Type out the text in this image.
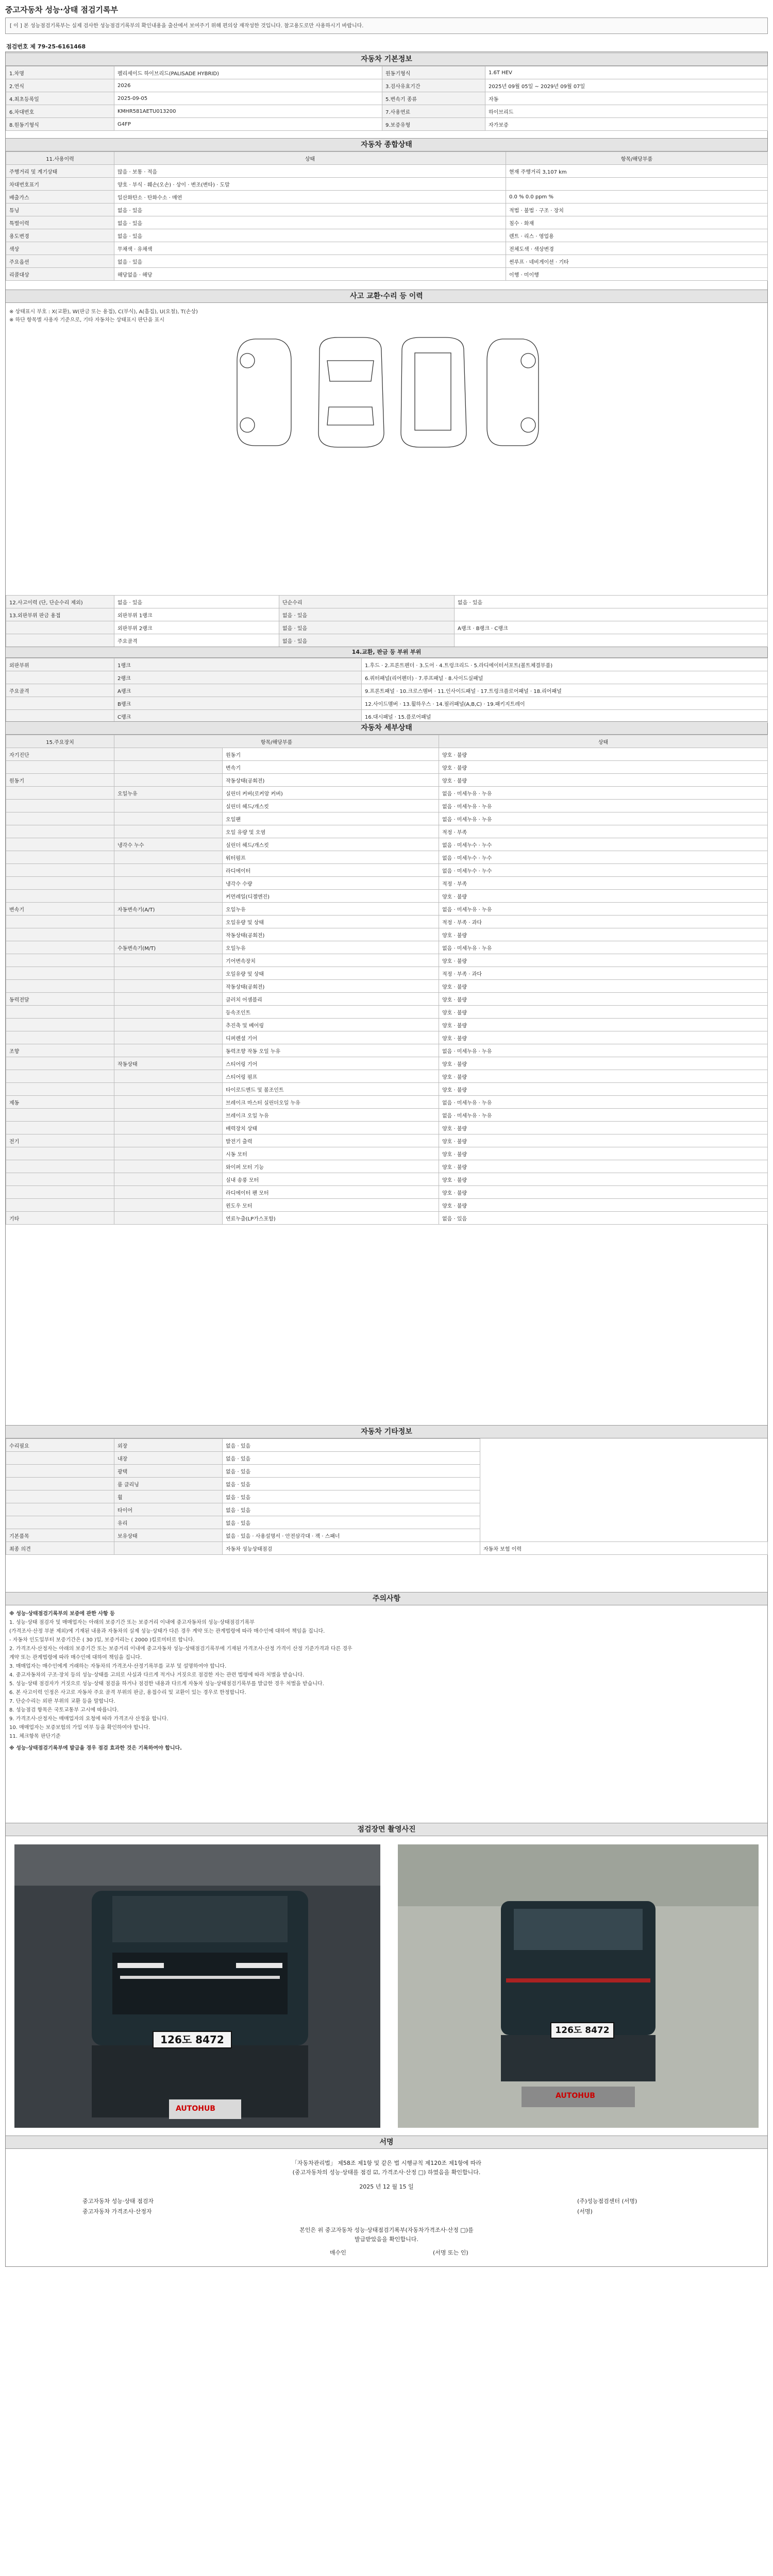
중고자동차 성능·상태 점검기록부
[ 이 ] 본 성능점검기록부는 실제 검사한 성능점검기록부의 확인내용을 출산에서 보여주기 위해 편의상 재작성한 것입니다. 참고용도로만 사용하시기 바랍니다.
점검번호 제 79-25-6161468
자동차 기본정보
1.차명	펠리세이드 하이브리드(PALISADE HYBRID)	원동기형식	1.6T HEV
2.연식	2026	3.검사유효기간	2025년 09월 05일 ~ 2029년 09월 07일
4.최초등록일	2025-09-05	5.변속기 종류	자동
6.차대번호	KMHR581AETU013200	7.사용연료	하이브리드
8.원동기형식	G4FP	9.보증유형	자가보증
자동차 종합상태
11.사용이력	상태	항목/해당부품
주행거리 및 계기상태	많음 · 보통 · 적음	현재 주행거리 3,107 km
차대번호표기	양호 · 부식 · 훼손(오손) · 상이 · 변조(변타) · 도말	
배출가스	일산화탄소 · 탄화수소 · 매연	0.0 % 0.0 ppm %
튜닝	없음 · 있음	적법 · 불법 · 구조 · 장치
특별이력	없음 · 있음	침수 · 화재
용도변경	없음 · 있음	렌트 · 리스 · 영업용
색상	무채색 · 유채색	전체도색 · 색상변경
주요옵션	없음 · 있음	썬루프 · 네비게이션 · 기타
리콜대상	해당없음 · 해당	이행 · 미이행
사고 교환·수리 등 이력
※ 상태표시 부호 : X(교환), W(판금 또는 용접), C(부식), A(흠집), U(요철), T(손상)
※ 하단 항목별 사용자 기준으로, 기타 자동차는 상태표시 판단을 표시
12.사고이력 (단, 단순수리 제외)	없음 · 있음	단순수리	없음 · 있음
13.외판부위 판금 용접	외판부위 1랭크	없음 · 있음	
	외판부위 2랭크	없음 · 있음	A랭크 · B랭크 · C랭크
	주요골격	없음 · 있음	
14.교환, 판금 등 부위 부위
외판부위	1랭크	1.후드 · 2.프론트펜더 · 3.도어 · 4.트렁크리드 · 5.라디에이터서포트(볼트체결부품)
	2랭크	6.쿼터패널(리어펜더) · 7.루프패널 · 8.사이드실패널
주요골격	A랭크	9.프론트패널 · 10.크로스멤버 · 11.인사이드패널 · 17.트렁크플로어패널 · 18.리어패널
	B랭크	12.사이드멤버 · 13.휠하우스 · 14.필러패널(A,B,C) · 19.패키지트레이
	C랭크	16.대시패널 · 15.플로어패널
자동차 세부상태
15.주요장치	항목/해당부품		상태
자기진단		원동기	양호 · 불량
		변속기	양호 · 불량
원동기		작동상태(공회전)	양호 · 불량
	오일누유	실린더 커버(로커암 커버)	없음 · 미세누유 · 누유
		실린더 헤드/개스킷	없음 · 미세누유 · 누유
		오일팬	없음 · 미세누유 · 누유
		오일 유량 및 오염	적정 · 부족
	냉각수 누수	실린더 헤드/개스킷	없음 · 미세누수 · 누수
		워터펌프	없음 · 미세누수 · 누수
		라디에이터	없음 · 미세누수 · 누수
		냉각수 수량	적정 · 부족
		커먼레일(디젤엔진)	양호 · 불량
변속기	자동변속기(A/T)	오일누유	없음 · 미세누유 · 누유
		오일유량 및 상태	적정 · 부족 · 과다
		작동상태(공회전)	양호 · 불량
	수동변속기(M/T)	오일누유	없음 · 미세누유 · 누유
		기어변속장치	양호 · 불량
		오일유량 및 상태	적정 · 부족 · 과다
		작동상태(공회전)	양호 · 불량
동력전달		클러치 어셈블리	양호 · 불량
		등속조인트	양호 · 불량
		추진축 및 베어링	양호 · 불량
		디퍼렌셜 기어	양호 · 불량
조향		동력조향 작동 오일 누유	없음 · 미세누유 · 누유
	작동상태	스티어링 기어	양호 · 불량
		스티어링 펌프	양호 · 불량
		타이로드엔드 및 볼조인트	양호 · 불량
제동		브레이크 마스터 실린더오일 누유	없음 · 미세누유 · 누유
		브레이크 오일 누유	없음 · 미세누유 · 누유
		배력장치 상태	양호 · 불량
전기		발전기 출력	양호 · 불량
		시동 모터	양호 · 불량
		와이퍼 모터 기능	양호 · 불량
		실내 송풍 모터	양호 · 불량
		라디에이터 팬 모터	양호 · 불량
		윈도우 모터	양호 · 불량
기타		연료누출(LP가스포함)	없음 · 있음
자동차 기타정보
수리필요	외장	없음 · 있음	
	내장	없음 · 있음	
	광택	없음 · 있음	
	룸 클리닝	없음 · 있음	
	휠	없음 · 있음	
	타이어	없음 · 있음	
	유리	없음 · 있음	
기본품목	보유상태	없음 · 있음 · 사용설명서 · 안전삼각대 · 잭 · 스패너	
최종 의견		자동차 성능상태점검	자동차 보험 이력
주의사항
※ 성능·상태점검기록부의 보증에 관한 사항 등
1. 성능·상태 점검자 및 매매업자는 아래의 보증기간 또는 보증거리 이내에 중고자동차의 성능·상태점검기록부
(가격조사·산정 부분 제외)에 기재된 내용과 자동차의 실제 성능·상태가 다른 경우 계약 또는 관계법령에 따라 매수인에 대하여 책임을 집니다.
- 자동차 인도일부터 보증기간은 ( 30 )일, 보증거리는 ( 2000 )킬로미터로 합니다.
2. 가격조사·산정자는 아래의 보증기간 또는 보증거리 이내에 중고자동차 성능·상태점검기록부에 기재된 가격조사·산정 가격이 산정 기준가격과 다른 경우
계약 또는 관계법령에 따라 매수인에 대하여 책임을 집니다.
3. 매매업자는 매수인에게 거래하는 자동차의 가격조사·산정기록부를 교부 및 설명하여야 합니다.
4. 중고자동차의 구조·장치 등의 성능·상태를 고의로 사실과 다르게 적거나 거짓으로 점검한 자는 관련 법령에 따라 처벌을 받습니다.
5. 성능·상태 점검자가 거짓으로 성능·상태 점검을 하거나 점검한 내용과 다르게 자동차 성능·상태점검기록부를 발급한 경우 처벌을 받습니다.
6. 본 사고이력 인정은 사고로 자동차 주요 골격 부위의 판금, 용접수리 및 교환이 있는 경우로 한정합니다.
7. 단순수리는 외판 부위의 교환 등을 말합니다.
8. 성능점검 항목은 국토교통부 고시에 따릅니다.
9. 가격조사·산정자는 매매업자의 요청에 따라 가격조사 산정을 합니다.
10. 매매업자는 보증보험의 가입 여부 등을 확인하여야 합니다.
11. 체크항목 판단기준
※ 성능·상태점검기록부에 발급을 경우 점검 효과한 것은 기록하여야 합니다.
점검장면 촬영사진
126도 8472
AUTOHUB
126도 8472
AUTOHUB
서명
「자동차관리법」 제58조 제1항 및 같은 법 시행규칙 제120조 제1항에 따라
(중고자동차의 성능·상태를 점검 ☑, 가격조사·산정 □) 하였음을 확인합니다.
2025 년 12 월 15 일
중고자동차 성능·상태 점검자	(주)성능점검센터 (서명)
중고자동차 가격조사·산정자	(서명)
본인은 위 중고자동차 성능·상태점검기록부(자동차가격조사·산정 □)를
발급받았음을 확인합니다.
매수인	(서명 또는 인)
